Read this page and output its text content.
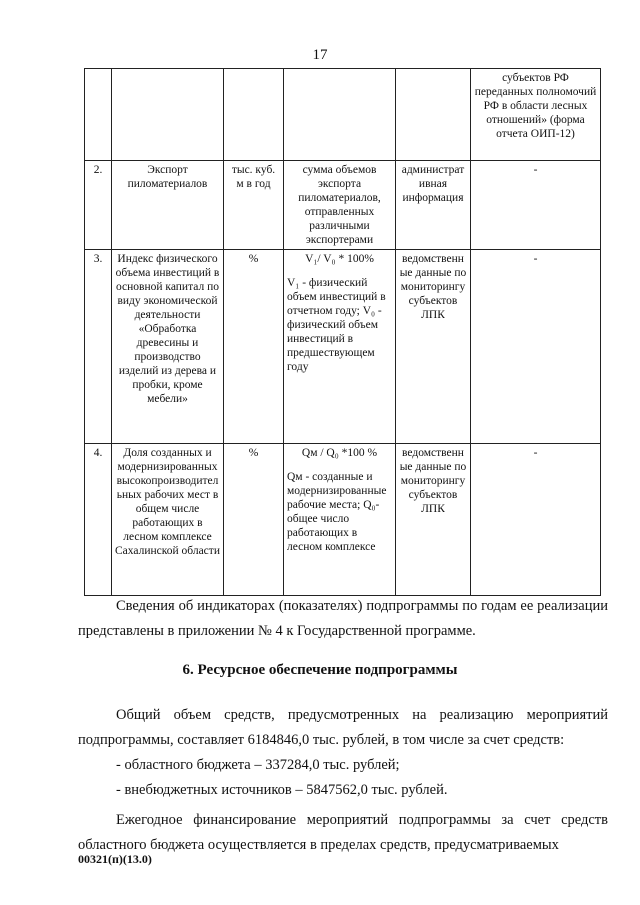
17
					субъектов РФ переданных полномочий РФ в области лесных отношений» (форма отчета ОИП-12)
2.	Экспорт пиломатериалов	тыс. куб. м в год	сумма объемов экспорта пиломатериалов, отправленных различными экспортерами	административная информация	-
3.	Индекс физического объема инвестиций в основной капитал по виду экономической деятельности «Обработка древесины и производство изделий из дерева и пробки, кроме мебели»	%	V₁/ V₀ * 100%
V₁ - физический объем инвестиций в отчетном году; V₀ - физический объем инвестиций в предшествующем году	ведомственные данные по мониторингу субъектов ЛПК	-
4.	Доля созданных и модернизированных высокопроизводительных рабочих мест в общем числе работающих в лесном комплексе Сахалинской области	%	Qм / Q₀ *100 %
Qм - созданные и модернизированные рабочие места; Q₀- общее число работающих в лесном комплексе	ведомственные данные по мониторингу субъектов ЛПК	-

Сведения об индикаторах (показателях) подпрограммы по годам ее реализации представлены в приложении № 4 к Государственной программе.

6. Ресурсное обеспечение подпрограммы

Общий объем средств, предусмотренных на реализацию мероприятий подпрограммы, составляет 6184846,0 тыс. рублей, в том числе за счет средств:

- областного бюджета – 337284,0 тыс. рублей;

- внебюджетных источников – 5847562,0 тыс. рублей.

Ежегодное финансирование мероприятий подпрограммы за счет средств областного бюджета осуществляется в пределах средств, предусматриваемых

00321(п)(13.0)
